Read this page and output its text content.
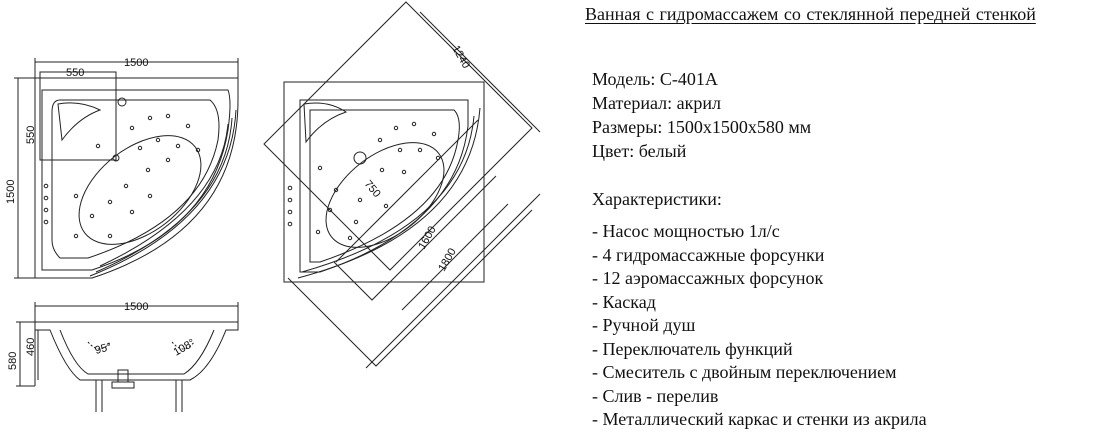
1500
550
550
1500
1500
580
460	95°	108°
1240
750
1600
1800
Ванная с гидромассажем со стеклянной передней стенкой
Модель: С-401А
Материал: акрил
Размеры: 1500х1500х580 мм
Цвет: белый
Характеристики:
- Насос мощностью 1л/с
- 4 гидромассажные форсунки
- 12 аэромассажных форсунок
- Каскад
- Ручной душ
- Переключатель функций
- Смеситель с двойным переключением
- Слив - перелив
- Металлический каркас и стенки из акрила
